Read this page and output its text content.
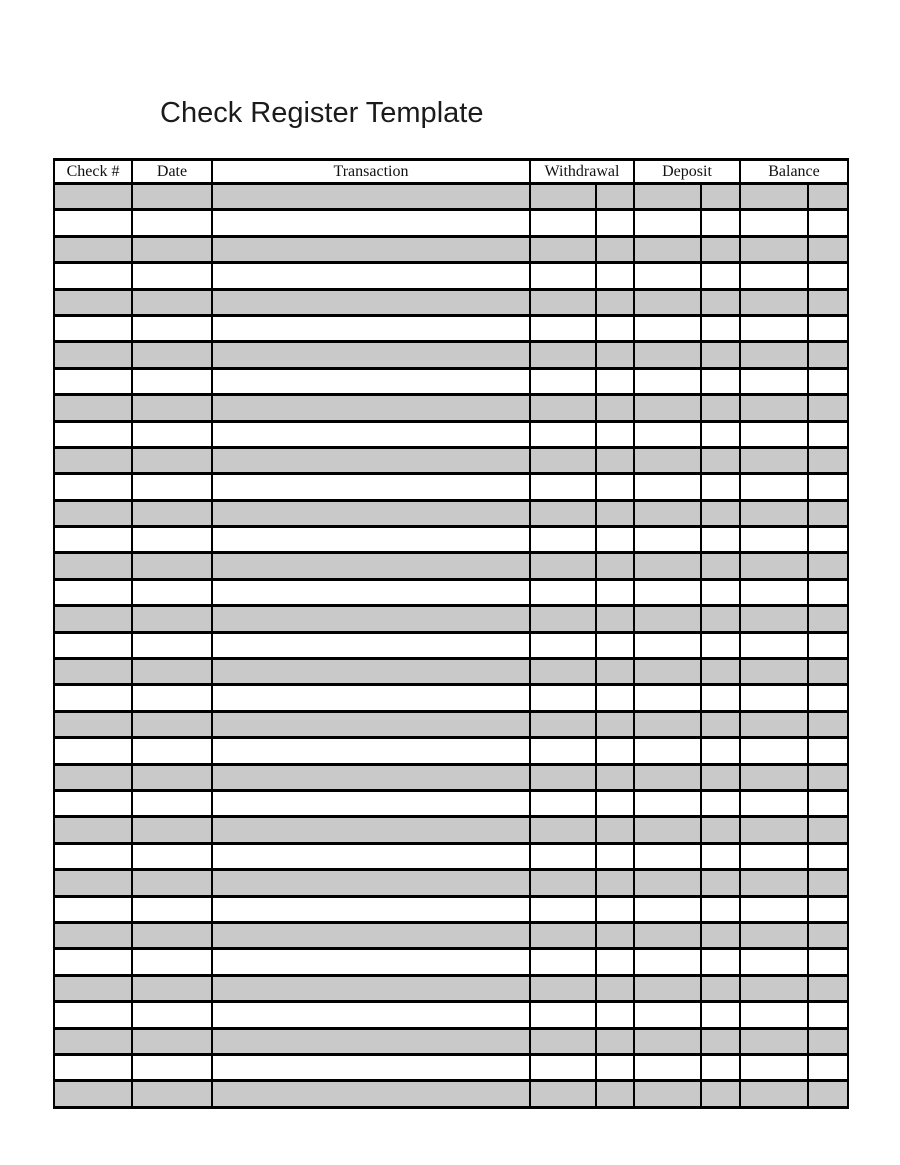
Check Register Template
Check #	Date	Transaction	Withdrawal		Deposit		Balance	
